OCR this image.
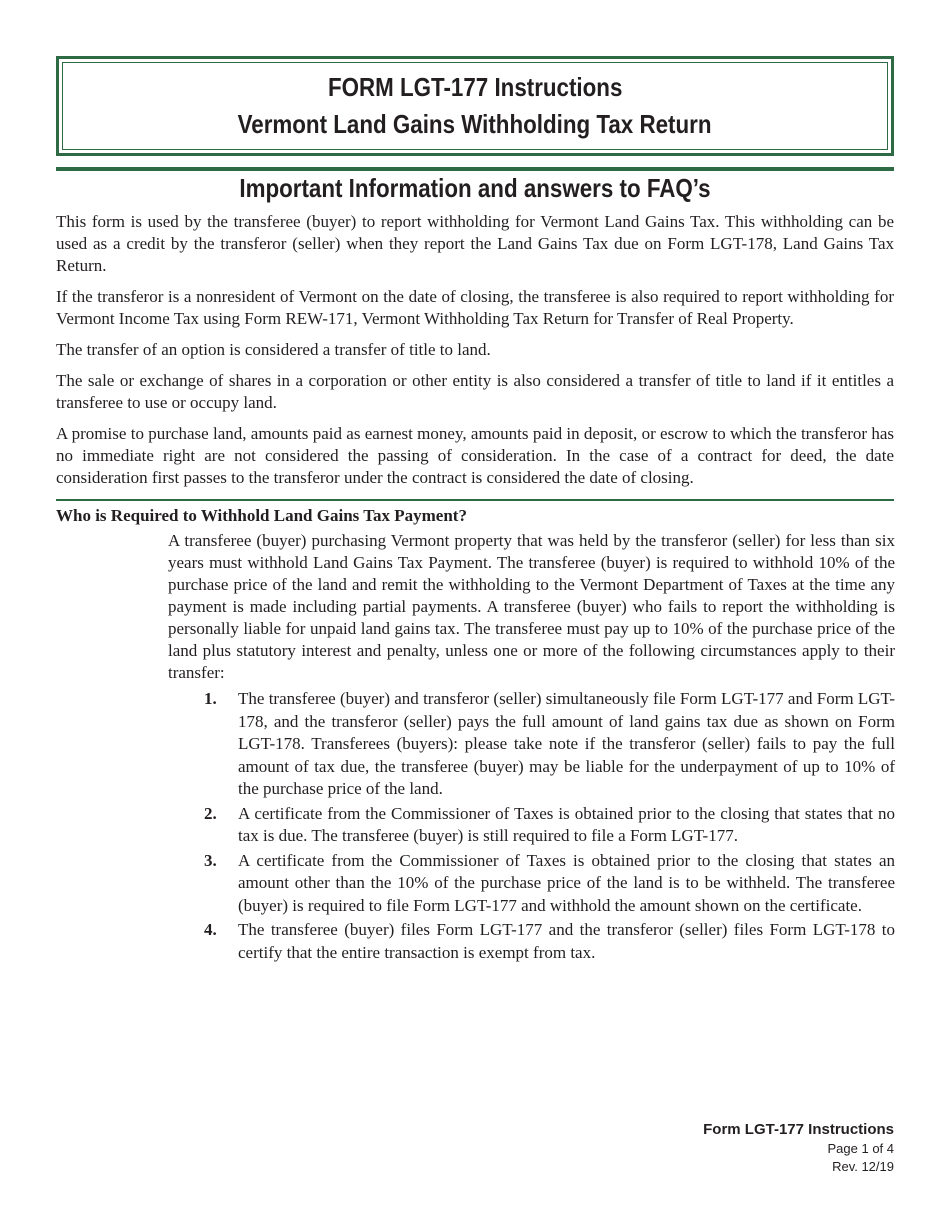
FORM LGT-177 Instructions
Vermont Land Gains Withholding Tax Return
Important Information and answers to FAQ’s

This form is used by the transferee (buyer) to report withholding for Vermont Land Gains Tax. This withholding can be used as a credit by the transferor (seller) when they report the Land Gains Tax due on Form LGT-178, Land Gains Tax Return.

If the transferor is a nonresident of Vermont on the date of closing, the transferee is also required to report withholding for Vermont Income Tax using Form REW-171, Vermont Withholding Tax Return for Transfer of Real Property.

The transfer of an option is considered a transfer of title to land.

The sale or exchange of shares in a corporation or other entity is also considered a transfer of title to land if it entitles a transferee to use or occupy land.

A promise to purchase land, amounts paid as earnest money, amounts paid in deposit, or escrow to which the transferor has no immediate right are not considered the passing of consideration. In the case of a contract for deed, the date consideration first passes to the transferor under the contract is considered the date of closing.

Who is Required to Withhold Land Gains Tax Payment?

A transferee (buyer) purchasing Vermont property that was held by the transferor (seller) for less than six years must withhold Land Gains Tax Payment. The transferee (buyer) is required to withhold 10% of the purchase price of the land and remit the withholding to the Vermont Department of Taxes at the time any payment is made including partial payments. A transferee (buyer) who fails to report the withholding is personally liable for unpaid land gains tax. The transferee must pay up to 10% of the purchase price of the land plus statutory interest and penalty, unless one or more of the following circumstances apply to their transfer:

1. The transferee (buyer) and transferor (seller) simultaneously file Form LGT-177 and Form LGT-178, and the transferor (seller) pays the full amount of land gains tax due as shown on Form LGT-178. Transferees (buyers): please take note if the transferor (seller) fails to pay the full amount of tax due, the transferee (buyer) may be liable for the underpayment of up to 10% of the purchase price of the land.
2. A certificate from the Commissioner of Taxes is obtained prior to the closing that states that no tax is due. The transferee (buyer) is still required to file a Form LGT-177.
3. A certificate from the Commissioner of Taxes is obtained prior to the closing that states an amount other than the 10% of the purchase price of the land is to be withheld. The transferee (buyer) is required to file Form LGT-177 and withhold the amount shown on the certificate.
4. The transferee (buyer) files Form LGT-177 and the transferor (seller) files Form LGT-178 to certify that the entire transaction is exempt from tax.
Form LGT-177 Instructions
Page 1 of 4
Rev. 12/19
